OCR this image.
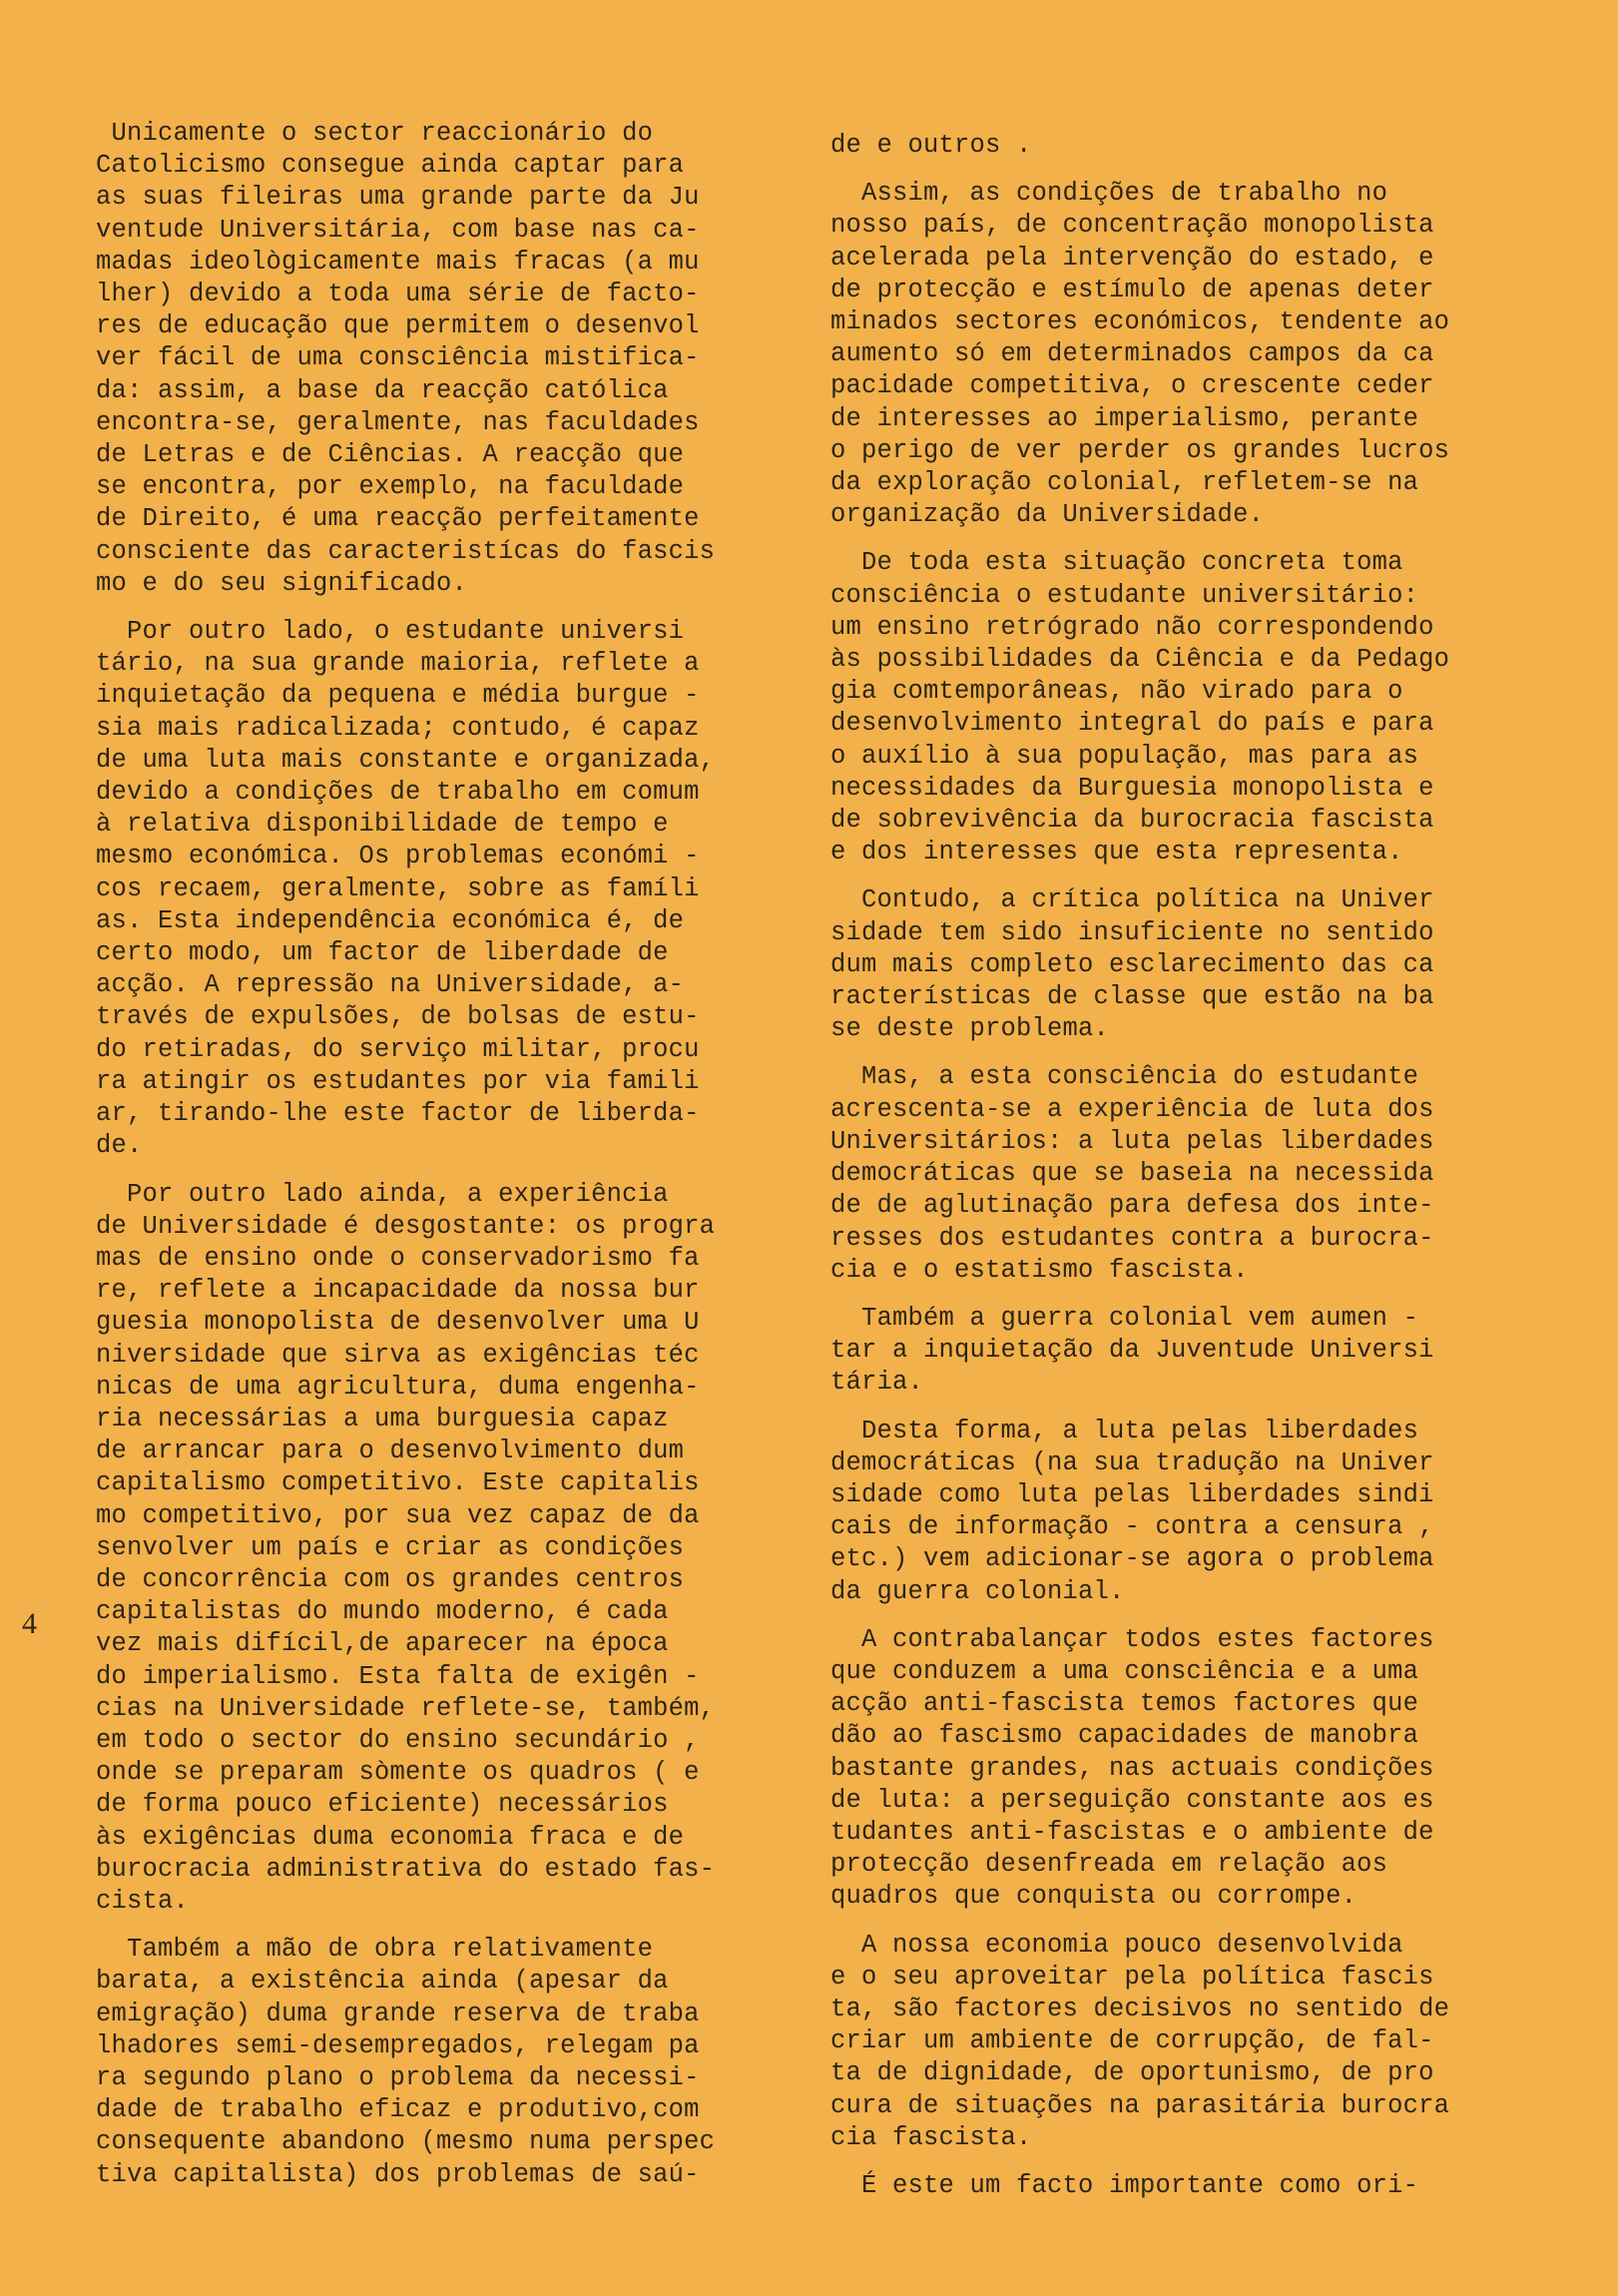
Unicamente o sector reaccionário do
Catolicismo consegue ainda captar para
as suas fileiras uma grande parte da Ju
ventude Universitária, com base nas ca-
madas ideològicamente mais fracas (a mu
lher) devido a toda uma série de facto-
res de educação que permitem o desenvol
ver fácil de uma consciência mistifica-
da: assim, a base da reacção católica
encontra-se, geralmente, nas faculdades
de Letras e de Ciências. A reacção que
se encontra, por exemplo, na faculdade
de Direito, é uma reacção perfeitamente
consciente das caracteristícas do fascis
mo e do seu significado.

Por outro lado, o estudante universi
tário, na sua grande maioria, reflete a
inquietação da pequena e média burgue -
sia mais radicalizada; contudo, é capaz
de uma luta mais constante e organizada,
devido a condições de trabalho em comum
à relativa disponibilidade de tempo e
mesmo económica. Os problemas económi -
cos recaem, geralmente, sobre as famíli
as. Esta independência económica é, de
certo modo, um factor de liberdade de
acção. A repressão na Universidade, a-
través de expulsões, de bolsas de estu-
do retiradas, do serviço militar, procu
ra atingir os estudantes por via famili
ar, tirando-lhe este factor de liberda-
de.

Por outro lado ainda, a experiência
de Universidade é desgostante: os progra
mas de ensino onde o conservadorismo fa
re, reflete a incapacidade da nossa bur
guesia monopolista de desenvolver uma U
niversidade que sirva as exigências téc
nicas de uma agricultura, duma engenha-
ria necessárias a uma burguesia capaz
de arrancar para o desenvolvimento dum
capitalismo competitivo. Este capitalis
mo competitivo, por sua vez capaz de da
senvolver um país e criar as condições
de concorrência com os grandes centros
capitalistas do mundo moderno, é cada
vez mais difícil,de aparecer na época
do imperialismo. Esta falta de exigên -
cias na Universidade reflete-se, também,
em todo o sector do ensino secundário ,
onde se preparam sòmente os quadros ( e
de forma pouco eficiente) necessários
às exigências duma economia fraca e de
burocracia administrativa do estado fas-
cista.

Também a mão de obra relativamente
barata, a existência ainda (apesar da
emigração) duma grande reserva de traba
lhadores semi-desempregados, relegam pa
ra segundo plano o problema da necessi-
dade de trabalho eficaz e produtivo,com
consequente abandono (mesmo numa perspec
tiva capitalista) dos problemas de saú-

4

de e outros .

Assim, as condições de trabalho no
nosso país, de concentração monopolista
acelerada pela intervenção do estado, e
de protecção e estímulo de apenas deter
minados sectores económicos, tendente ao
aumento só em determinados campos da ca
pacidade competitiva, o crescente ceder
de interesses ao imperialismo, perante
o perigo de ver perder os grandes lucros
da exploração colonial, refletem-se na
organização da Universidade.

De toda esta situação concreta toma
consciência o estudante universitário:
um ensino retrógrado não correspondendo
às possibilidades da Ciência e da Pedago
gia comtemporâneas, não virado para o
desenvolvimento integral do país e para
o auxílio à sua população, mas para as
necessidades da Burguesia monopolista e
de sobrevivência da burocracia fascista
e dos interesses que esta representa.

Contudo, a crítica política na Univer
sidade tem sido insuficiente no sentido
dum mais completo esclarecimento das ca
racterísticas de classe que estão na ba
se deste problema.

Mas, a esta consciência do estudante
acrescenta-se a experiência de luta dos
Universitários: a luta pelas liberdades
democráticas que se baseia na necessida
de de aglutinação para defesa dos inte-
resses dos estudantes contra a burocra-
cia e o estatismo fascista.

Também a guerra colonial vem aumen -
tar a inquietação da Juventude Universi
tária.

Desta forma, a luta pelas liberdades
democráticas (na sua tradução na Univer
sidade como luta pelas liberdades sindi
cais de informação - contra a censura ,
etc.) vem adicionar-se agora o problema
da guerra colonial.

A contrabalançar todos estes factores
que conduzem a uma consciência e a uma
acção anti-fascista temos factores que
dão ao fascismo capacidades de manobra
bastante grandes, nas actuais condições
de luta: a perseguição constante aos es
tudantes anti-fascistas e o ambiente de
protecção desenfreada em relação aos
quadros que conquista ou corrompe.

A nossa economia pouco desenvolvida
e o seu aproveitar pela política fascis
ta, são factores decisivos no sentido de
criar um ambiente de corrupção, de fal-
ta de dignidade, de oportunismo, de pro
cura de situações na parasitária burocra
cia fascista.

É este um facto importante como ori-
